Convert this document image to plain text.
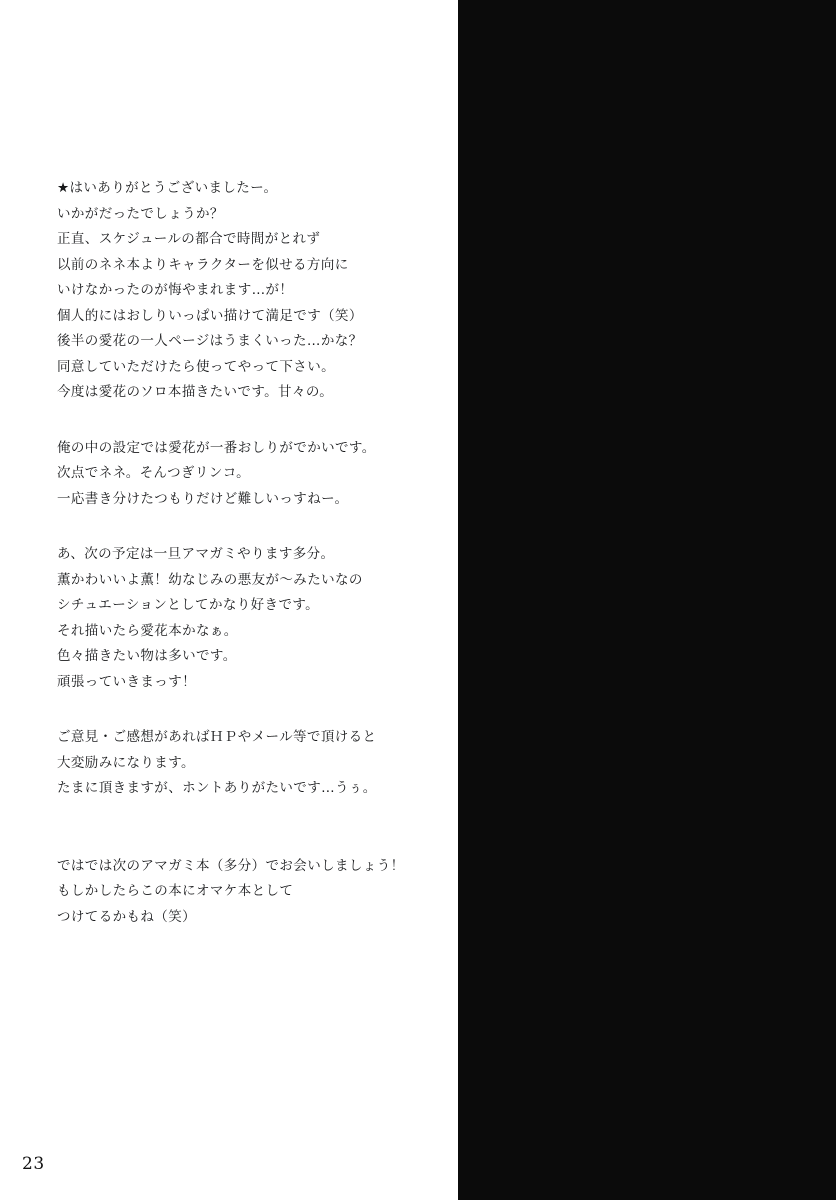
★はいありがとうございましたー。
いかがだったでしょうか？
正直、スケジュールの都合で時間がとれず
以前のネネ本よりキャラクターを似せる方向に
いけなかったのが悔やまれます…が！
個人的にはおしりいっぱい描けて満足です（笑）
後半の愛花の一人ページはうまくいった…かな？
同意していただけたら使ってやって下さい。
今度は愛花のソロ本描きたいです。甘々の。
俺の中の設定では愛花が一番おしりがでかいです。
次点でネネ。そんつぎリンコ。
一応書き分けたつもりだけど難しいっすねー。
あ、次の予定は一旦アマガミやります多分。
薫かわいいよ薫！幼なじみの悪友が～みたいなの
シチュエーションとしてかなり好きです。
それ描いたら愛花本かなぁ。
色々描きたい物は多いです。
頑張っていきまっす！
ご意見・ご感想があればＨＰやメール等で頂けると
大変励みになります。
たまに頂きますが、ホントありがたいです…うぅ。
ではでは次のアマガミ本（多分）でお会いしましょう！
もしかしたらこの本にオマケ本として
つけてるかもね（笑）
23
